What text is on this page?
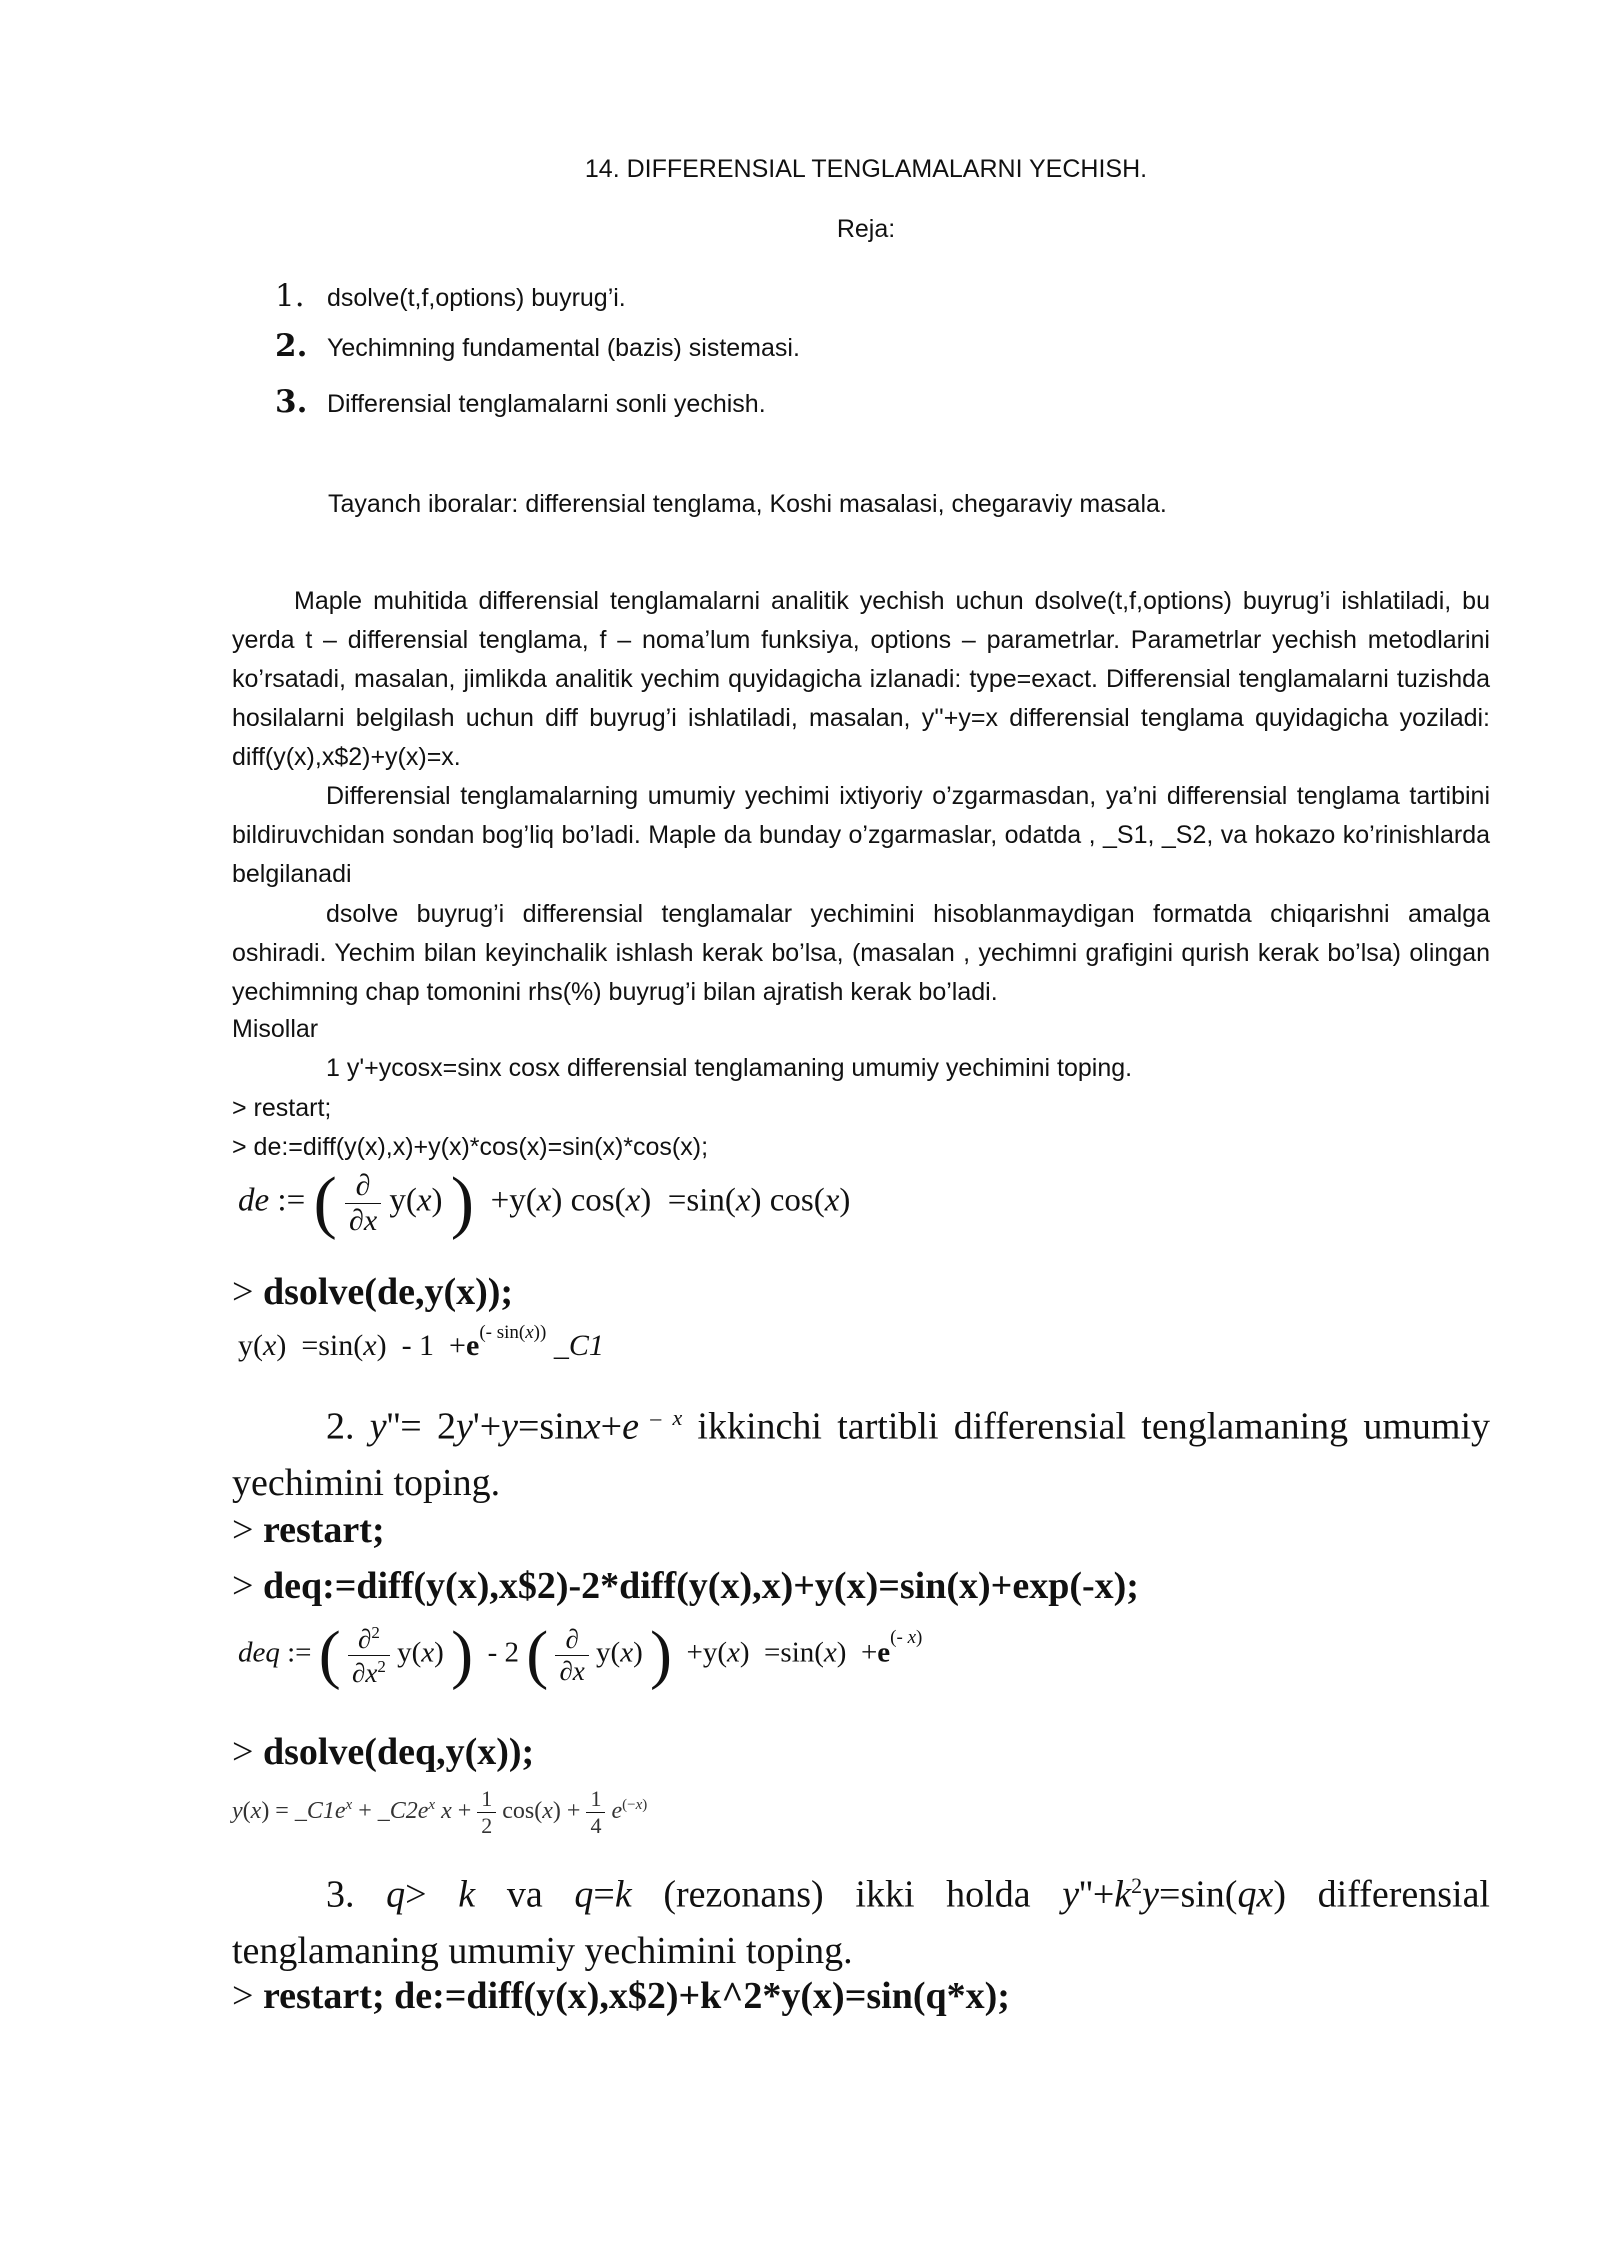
14. DIFFERENSIAL TENGLAMALARNI YECHISH.
Reja:
1. dsolve(t,f,options) buyrug’i.
2. Yechimning fundamental (bazis) sistemasi.
3. Differensial tenglamalarni sonli yechish.
Tayanch iboralar: differensial tenglama, Koshi masalasi, chegaraviy masala.

Maple muhitida differensial tenglamalarni analitik yechish uchun dsolve(t,f,options) buyrug’i ishlatiladi, bu yerda t – differensial tenglama, f – noma’lum funksiya, options – parametrlar. Parametrlar yechish metodlarini ko’rsatadi, masalan, jimlikda analitik yechim quyidagicha izlanadi: type=exact. Differensial tenglamalarni tuzishda hosilalarni belgilash uchun diff buyrug’i ishlatiladi, masalan, y''+y=x differensial tenglama quyidagicha yoziladi: diff(y(x),x$2)+y(x)=x.

Differensial tenglamalarning umumiy yechimi ixtiyoriy o’zgarmasdan, ya’ni differensial tenglama tartibini bildiruvchidan sondan bog’liq bo’ladi. Maple da bunday o’zgarmaslar, odatda , _S1, _S2, va hokazo ko’rinishlarda belgilanadi

dsolve buyrug’i differensial tenglamalar yechimini hisoblanmaydigan formatda chiqarishni amalga oshiradi. Yechim bilan keyinchalik ishlash kerak bo’lsa, (masalan , yechimni grafigini qurish kerak bo’lsa) olingan yechimning chap tomonini rhs(%) buyrug’i bilan ajratish kerak bo’ladi.

Misollar
1 y'+ycosx=sinx cosx differensial tenglamaning umumiy yechimini toping.
> restart;
> de:=diff(y(x),x)+y(x)*cos(x)=sin(x)*cos(x);
de := ( $\frac{\partial}{\partial x} y(x)$ )  +y(x) cos(x)  =sin(x) cos(x)
> dsolve(de,y(x));
$y(x) =\sin(x) - 1 +e^{(- sin(x))}$ _C1

2. y''= 2y'+y=sinx+e $^{- x}$ ikkinchi tartibli differensial tenglamaning umumiy yechimini toping.

> restart;
> deq:=diff(y(x),x$2)-2*diff(y(x),x)+y(x)=sin(x)+exp(-x);
deq := ( $\frac{\partial^2}{\partial x^2} y(x)$ )  - 2 ( $\frac{\partial}{\partial x} y(x)$ )  $+y(x) =\sin(x) +e^{(- x)}$
> dsolve(deq,y(x));
$y(x) = \_C1e^x$ + $\_C2e^x$ $x + \frac{1}{2} \cos(x) + \frac{1}{4} e^{(-x)}$

3. q> k va q=k (rezonans) ikki holda $y''+k^2y=\sin(qx)$ differensial tenglamaning umumiy yechimini toping.

> restart; de:=diff(y(x),x$2)+k^2*y(x)=sin(q*x);
